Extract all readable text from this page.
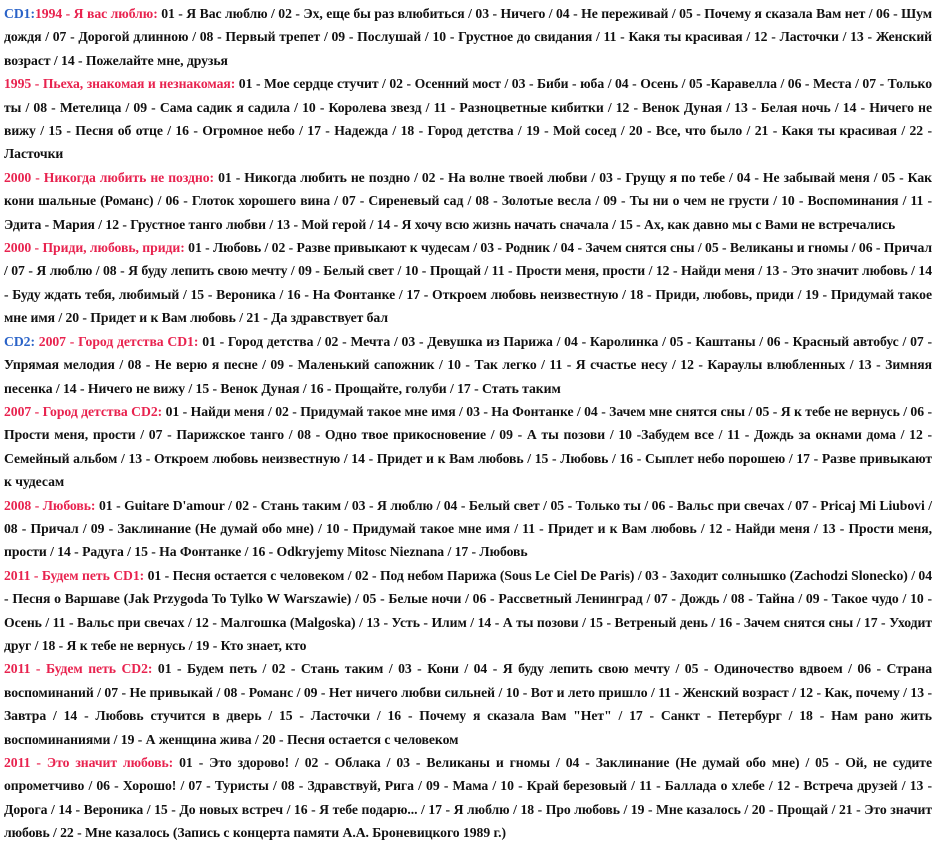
CD1:1994 - Я вас люблю: 01 - Я Вас люблю / 02 - Эх, еще бы раз влюбиться / 03 - Ничего / 04 - Не переживай / 05 - Почему я сказала Вам нет / 06 - Шум дождя / 07 - Дорогой длинною / 08 - Первый трепет / 09 - Послушай / 10 - Грустное до свидания / 11 - Какя ты красивая / 12 - Ласточки / 13 - Женский возраст / 14 - Пожелайте мне, друзья

1995 - Пьеха, знакомая и незнакомая: 01 - Мое сердце стучит / 02 - Осенний мост / 03 - Биби - юба / 04 - Осень / 05 -Каравелла / 06 - Места / 07 - Только ты / 08 - Метелица / 09 - Сама садик я садила / 10 - Королева звезд / 11 - Разноцветные кибитки / 12 - Венок Дуная / 13 - Белая ночь / 14 - Ничего не вижу / 15 - Песня об отце / 16 - Огромное небо / 17 - Надежда / 18 - Город детства / 19 - Мой сосед / 20 - Все, что было / 21 - Какя ты красивая / 22 - Ласточки

2000 - Никогда любить не поздно: 01 - Никогда любить не поздно / 02 - На волне твоей любви / 03 - Грущу я по тебе / 04 - Не забывай меня / 05 - Как кони шальные (Романс) / 06 - Глоток хорошего вина / 07 - Сиреневый сад / 08 - Золотые весла / 09 - Ты ни о чем не грусти / 10 - Воспоминания / 11 - Эдита - Мария / 12 - Грустное танго любви / 13 - Мой герой / 14 - Я хочу всю жизнь начать сначала / 15 - Ах, как давно мы с Вами не встречались

2000 - Приди, любовь, приди: 01 - Любовь / 02 - Разве привыкают к чудесам / 03 - Родник / 04 - Зачем снятся сны / 05 - Великаны и гномы / 06 - Причал / 07 - Я люблю / 08 - Я буду лепить свою мечту / 09 - Белый свет / 10 - Прощай / 11 - Прости меня, прости / 12 - Найди меня / 13 - Это значит любовь / 14 - Буду ждать тебя, любимый / 15 - Вероника / 16 - На Фонтанке / 17 - Откроем любовь неизвестную / 18 - Приди, любовь, приди / 19 - Придумай такое мне имя / 20 - Придет и к Вам любовь / 21 - Да здравствует бал

CD2: 2007 - Город детства CD1: 01 - Город детства / 02 - Мечта / 03 - Девушка из Парижа / 04 - Каролинка / 05 - Каштаны / 06 - Красный автобус / 07 - Упрямая мелодия / 08 - Не верю я песне / 09 - Маленький сапожник / 10 - Так легко / 11 - Я счастье несу / 12 - Караулы влюбленных / 13 - Зимняя песенка / 14 - Ничего не вижу / 15 - Венок Дуная / 16 - Прощайте, голуби / 17 - Стать таким

2007 - Город детства CD2: 01 - Найди меня / 02 - Придумай такое мне имя / 03 - На Фонтанке / 04 - Зачем мне снятся сны / 05 - Я к тебе не вернусь / 06 - Прости меня, прости / 07 - Парижское танго / 08 - Одно твое прикосновение / 09 - А ты позови / 10 -Забудем все / 11 - Дождь за окнами дома / 12 - Семейный альбом / 13 - Откроем любовь неизвестную / 14 - Придет и к Вам любовь / 15 - Любовь / 16 - Сыплет небо порошею / 17 - Разве привыкают к чудесам

2008 - Любовь: 01 - Guitare D'amour / 02 - Стань таким / 03 - Я люблю / 04 - Белый свет / 05 - Только ты / 06 - Вальс при свечах / 07 - Pricaj Mi Liubovi / 08 - Причал / 09 - Заклинание (Не думай обо мне) / 10 - Придумай такое мне имя / 11 - Придет и к Вам любовь / 12 - Найди меня / 13 - Прости меня, прости / 14 - Радуга / 15 - На Фонтанке / 16 - Odkryjemy Mitosc Nieznana / 17 - Любовь

2011 - Будем петь CD1: 01 - Песня остается с человеком / 02 - Под небом Парижа (Sous Le Ciel De Paris) / 03 - Заходит солнышко (Zachodzi Slonecko) / 04 - Песня о Варшаве (Jak Przygoda To Tylko W Warszawie) / 05 - Белые ночи / 06 - Рассветный Ленинград / 07 - Дождь / 08 - Тайна / 09 - Такое чудо / 10 - Осень / 11 - Вальс при свечах / 12 - Малгошка (Malgoska) / 13 - Усть - Илим / 14 - А ты позови / 15 - Ветреный день / 16 - Зачем снятся сны / 17 - Уходит друг / 18 - Я к тебе не вернусь / 19 - Кто знает, кто

2011 - Будем петь CD2: 01 - Будем петь / 02 - Стань таким / 03 - Кони / 04 - Я буду лепить свою мечту / 05 - Одиночество вдвоем / 06 - Страна воспоминаний / 07 - Не привыкай / 08 - Романс / 09 - Нет ничего любви сильней / 10 - Вот и лето пришло / 11 - Женский возраст / 12 - Как, почему / 13 - Завтра / 14 - Любовь стучится в дверь / 15 - Ласточки / 16 - Почему я сказала Вам "Нет" / 17 - Санкт - Петербург / 18 - Нам рано жить воспоминаниями / 19 - А женщина жива / 20 - Песня остается с человеком

2011 - Это значит любовь: 01 - Это здорово! / 02 - Облака / 03 - Великаны и гномы / 04 - Заклинание (Не думай обо мне) / 05 - Ой, не судите опрометчиво / 06 - Хорошо! / 07 - Туристы / 08 - Здравствуй, Рига / 09 - Мама / 10 - Край березовый / 11 - Баллада о хлебе / 12 - Встреча друзей / 13 - Дорога / 14 - Вероника / 15 - До новых встреч / 16 - Я тебе подарю... / 17 - Я люблю / 18 - Про любовь / 19 - Мне казалось / 20 - Прощай / 21 - Это значит любовь / 22 - Мне казалось (Запись с концерта памяти А.А. Броневицкого 1989 г.)
